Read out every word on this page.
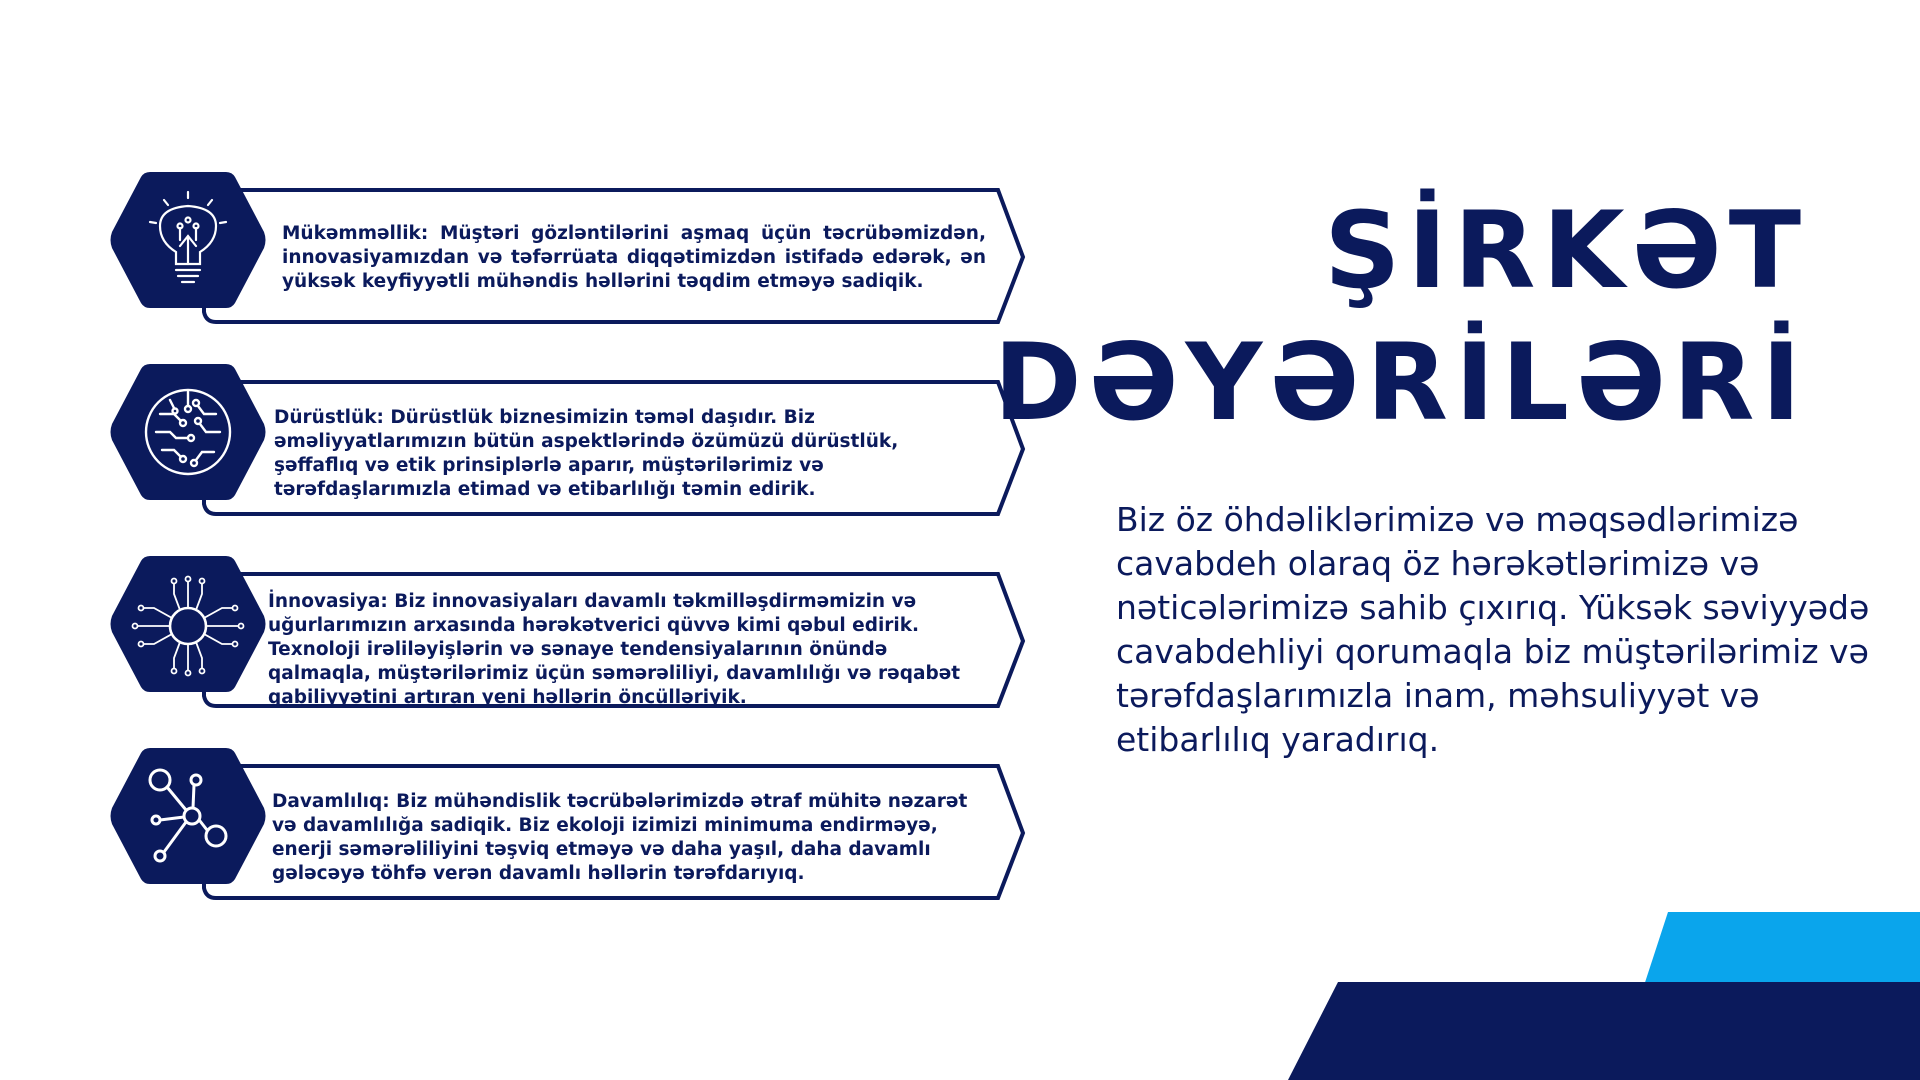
Mükəmməllik: Müştəri gözləntilərini aşmaq üçün təcrübəmizdən, innovasiyamızdan və təfərrüata diqqətimizdən istifadə edərək, ən yüksək keyfiyyətli mühəndis həllərini təqdim etməyə sadiqik.
Dürüstlük: Dürüstlük biznesimizin təməl daşıdır. Biz əməliyyatlarımızın bütün aspektlərində özümüzü dürüstlük, şəffaflıq və etik prinsiplərlə aparır, müştərilərimiz və tərəfdaşlarımızla etimad və etibarlılığı təmin edirik.
İnnovasiya: Biz innovasiyaları davamlı təkmilləşdirməmizin və uğurlarımızın arxasında hərəkətverici qüvvə kimi qəbul edirik. Texnoloji irəliləyişlərin və sənaye tendensiyalarının önündə qalmaqla, müştərilərimiz üçün səmərəliliyi, davamlılığı və rəqabət qabiliyyətini artıran yeni həllərin öncülləriyik.
Davamlılıq: Biz mühəndislik təcrübələrimizdə ətraf mühitə nəzarət və davamlılığa sadiqik. Biz ekoloji izimizi minimuma endirməyə, enerji səmərəliliyini təşviq etməyə və daha yaşıl, daha davamlı gələcəyə töhfə verən davamlı həllərin tərəfdarıyıq.
ŞİRKƏT
DƏYƏRİLƏRİ

Biz öz öhdəliklərimizə və məqsədlərimizə cavabdeh olaraq öz hərəkətlərimizə və nəticələrimizə sahib çıxırıq. Yüksək səviyyədə cavabdehliyi qorumaqla biz müştərilərimiz və tərəfdaşlarımızla inam, məhsuliyyət və etibarlılıq yaradırıq.
